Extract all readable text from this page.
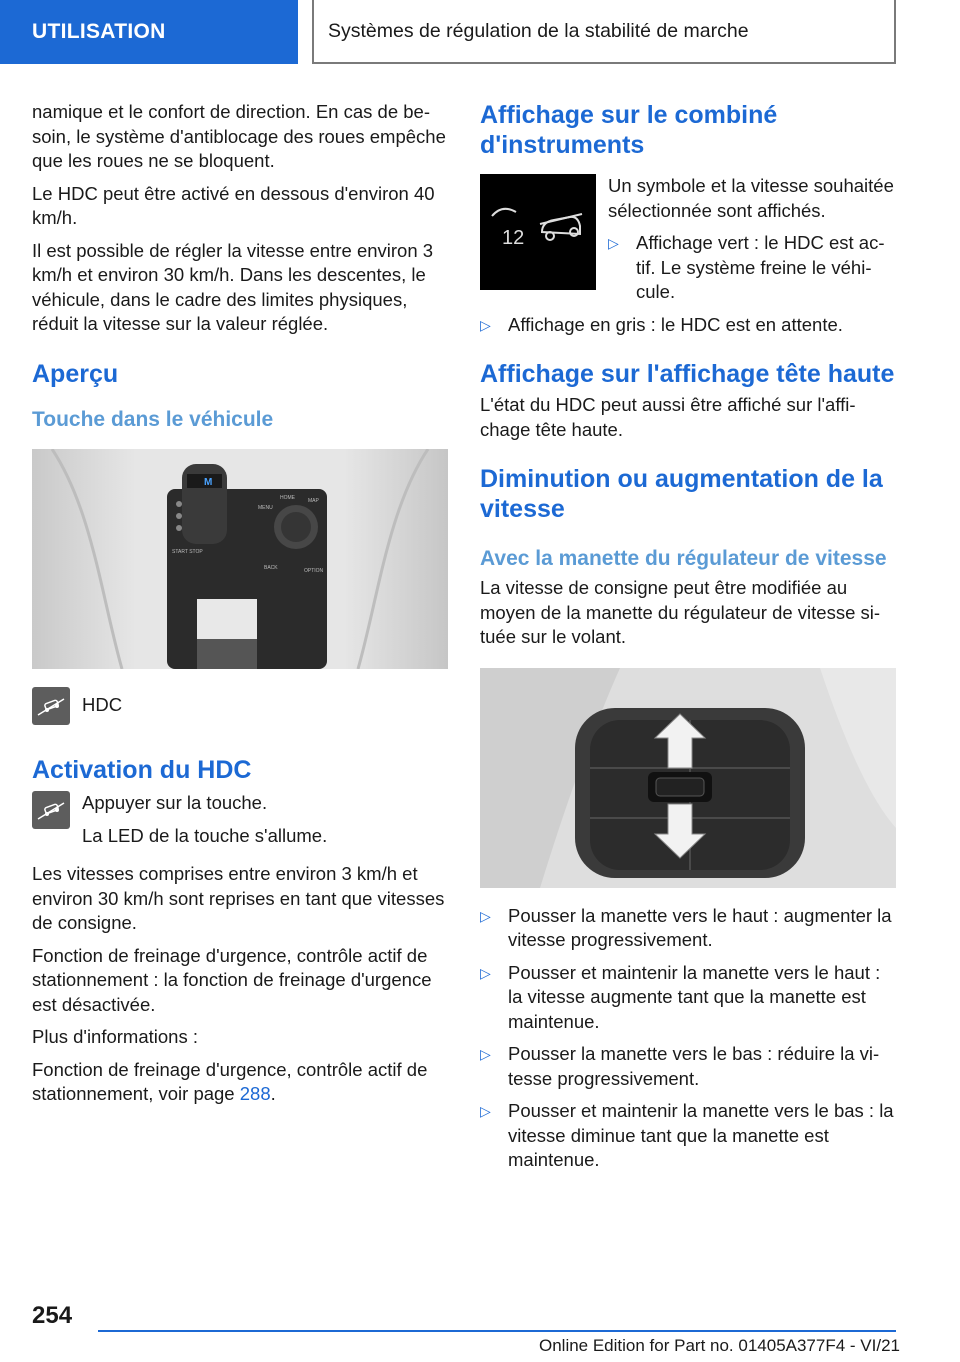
UTILISATION	Systèmes de régulation de la stabilité de marche

namique et le confort de direction. En cas de besoin, le système d'antiblocage des roues empêche que les roues ne se bloquent.

Le HDC peut être activé en dessous d'environ 40 km/h.

Il est possible de régler la vitesse entre environ 3 km/h et environ 30 km/h. Dans les descentes, le véhicule, dans le cadre des limites physiques, réduit la vitesse sur la valeur réglée.

Aperçu
Touche dans le véhicule
M
MENU
HOME	MAP
OPTION
BACK
START STOP

HDC

Activation du HDC

Appuyer sur la touche.

La LED de la touche s'allume.

Les vitesses comprises entre environ 3 km/h et environ 30 km/h sont reprises en tant que vitesses de consigne.

Fonction de freinage d'urgence, contrôle actif de stationnement : la fonction de freinage d'urgence est désactivée.

Plus d'informations :

Fonction de freinage d'urgence, contrôle actif de stationnement, voir page 288.

Affichage sur le combiné d'instruments
12

Un symbole et la vitesse souhaitée sélectionnée sont affichés.

▷ Affichage vert : le HDC est actif. Le système freine le véhicule.
▷ Affichage en gris : le HDC est en attente.
Affichage sur l'affichage tête haute

L'état du HDC peut aussi être affiché sur l'affichage tête haute.

Diminution ou augmentation de la vitesse
Avec la manette du régulateur de vitesse

La vitesse de consigne peut être modifiée au moyen de la manette du régulateur de vitesse située sur le volant.

▷ Pousser la manette vers le haut : augmenter la vitesse progressivement.
▷ Pousser et maintenir la manette vers le haut : la vitesse augmente tant que la manette est maintenue.
▷ Pousser la manette vers le bas : réduire la vitesse progressivement.
▷ Pousser et maintenir la manette vers le bas : la vitesse diminue tant que la manette est maintenue.
254
Online Edition for Part no. 01405A377F4 - VI/21
